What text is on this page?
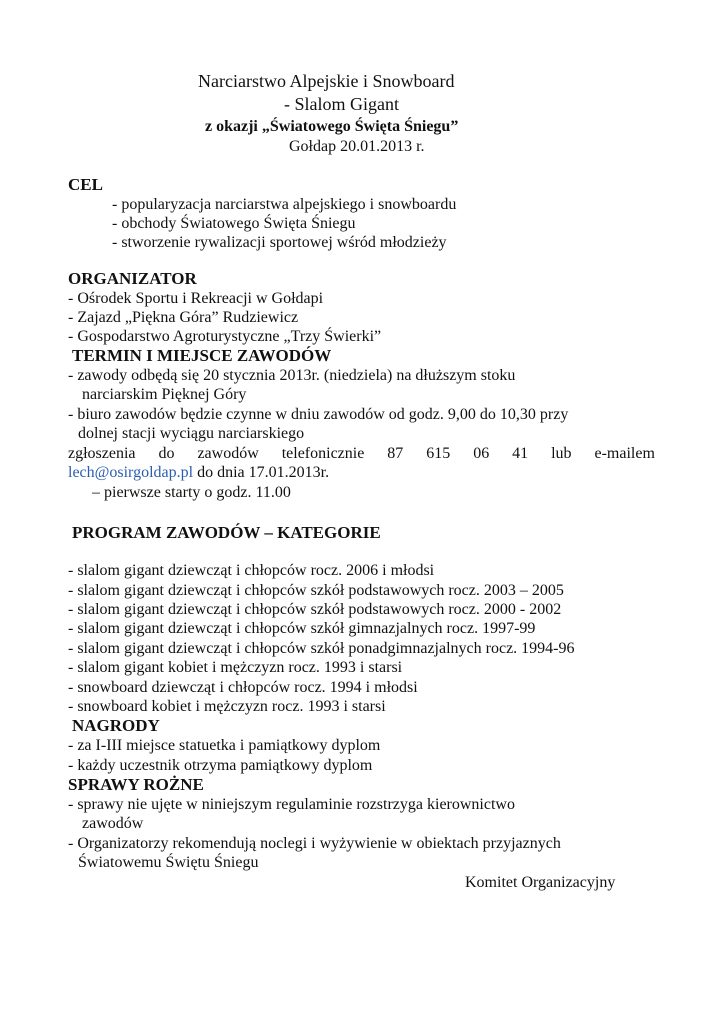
Narciarstwo Alpejskie i Snowboard
- Slalom Gigant
z okazji „Światowego Święta Śniegu”
Gołdap 20.01.2013 r.
CEL
- popularyzacja narciarstwa alpejskiego i snowboardu
- obchody Światowego Święta Śniegu
- stworzenie rywalizacji sportowej wśród młodzieży
ORGANIZATOR
- Ośrodek Sportu i Rekreacji w Gołdapi
- Zajazd „Piękna Góra” Rudziewicz
- Gospodarstwo Agroturystyczne „Trzy Świerki”
TERMIN I MIEJSCE ZAWODÓW
- zawody odbędą się 20 stycznia 2013r. (niedziela) na dłuższym stoku
narciarskim Pięknej Góry
- biuro zawodów będzie czynne w dniu zawodów od godz. 9,00 do 10,30 przy
dolnej stacji wyciągu narciarskiego
zgłoszenia do zawodów telefonicznie 87 615 06 41 lub e-mailem
lech@osirgoldap.pl do dnia 17.01.2013r.
– pierwsze starty o godz. 11.00
PROGRAM ZAWODÓW – KATEGORIE
- slalom gigant dziewcząt i chłopców rocz. 2006 i młodsi
- slalom gigant dziewcząt i chłopców szkół podstawowych rocz. 2003 – 2005
- slalom gigant dziewcząt i chłopców szkół podstawowych rocz. 2000 - 2002
- slalom gigant dziewcząt i chłopców szkół gimnazjalnych rocz. 1997-99
- slalom gigant dziewcząt i chłopców szkół ponadgimnazjalnych rocz. 1994-96
- slalom gigant kobiet i mężczyzn rocz. 1993 i starsi
- snowboard dziewcząt i chłopców rocz. 1994 i młodsi
- snowboard kobiet i mężczyzn rocz. 1993 i starsi
NAGRODY
- za I-III miejsce statuetka i pamiątkowy dyplom
- każdy uczestnik otrzyma pamiątkowy dyplom
SPRAWY ROŻNE
- sprawy nie ujęte w niniejszym regulaminie rozstrzyga kierownictwo
zawodów
- Organizatorzy rekomendują noclegi i wyżywienie w obiektach przyjaznych
Światowemu Świętu Śniegu
Komitet Organizacyjny
